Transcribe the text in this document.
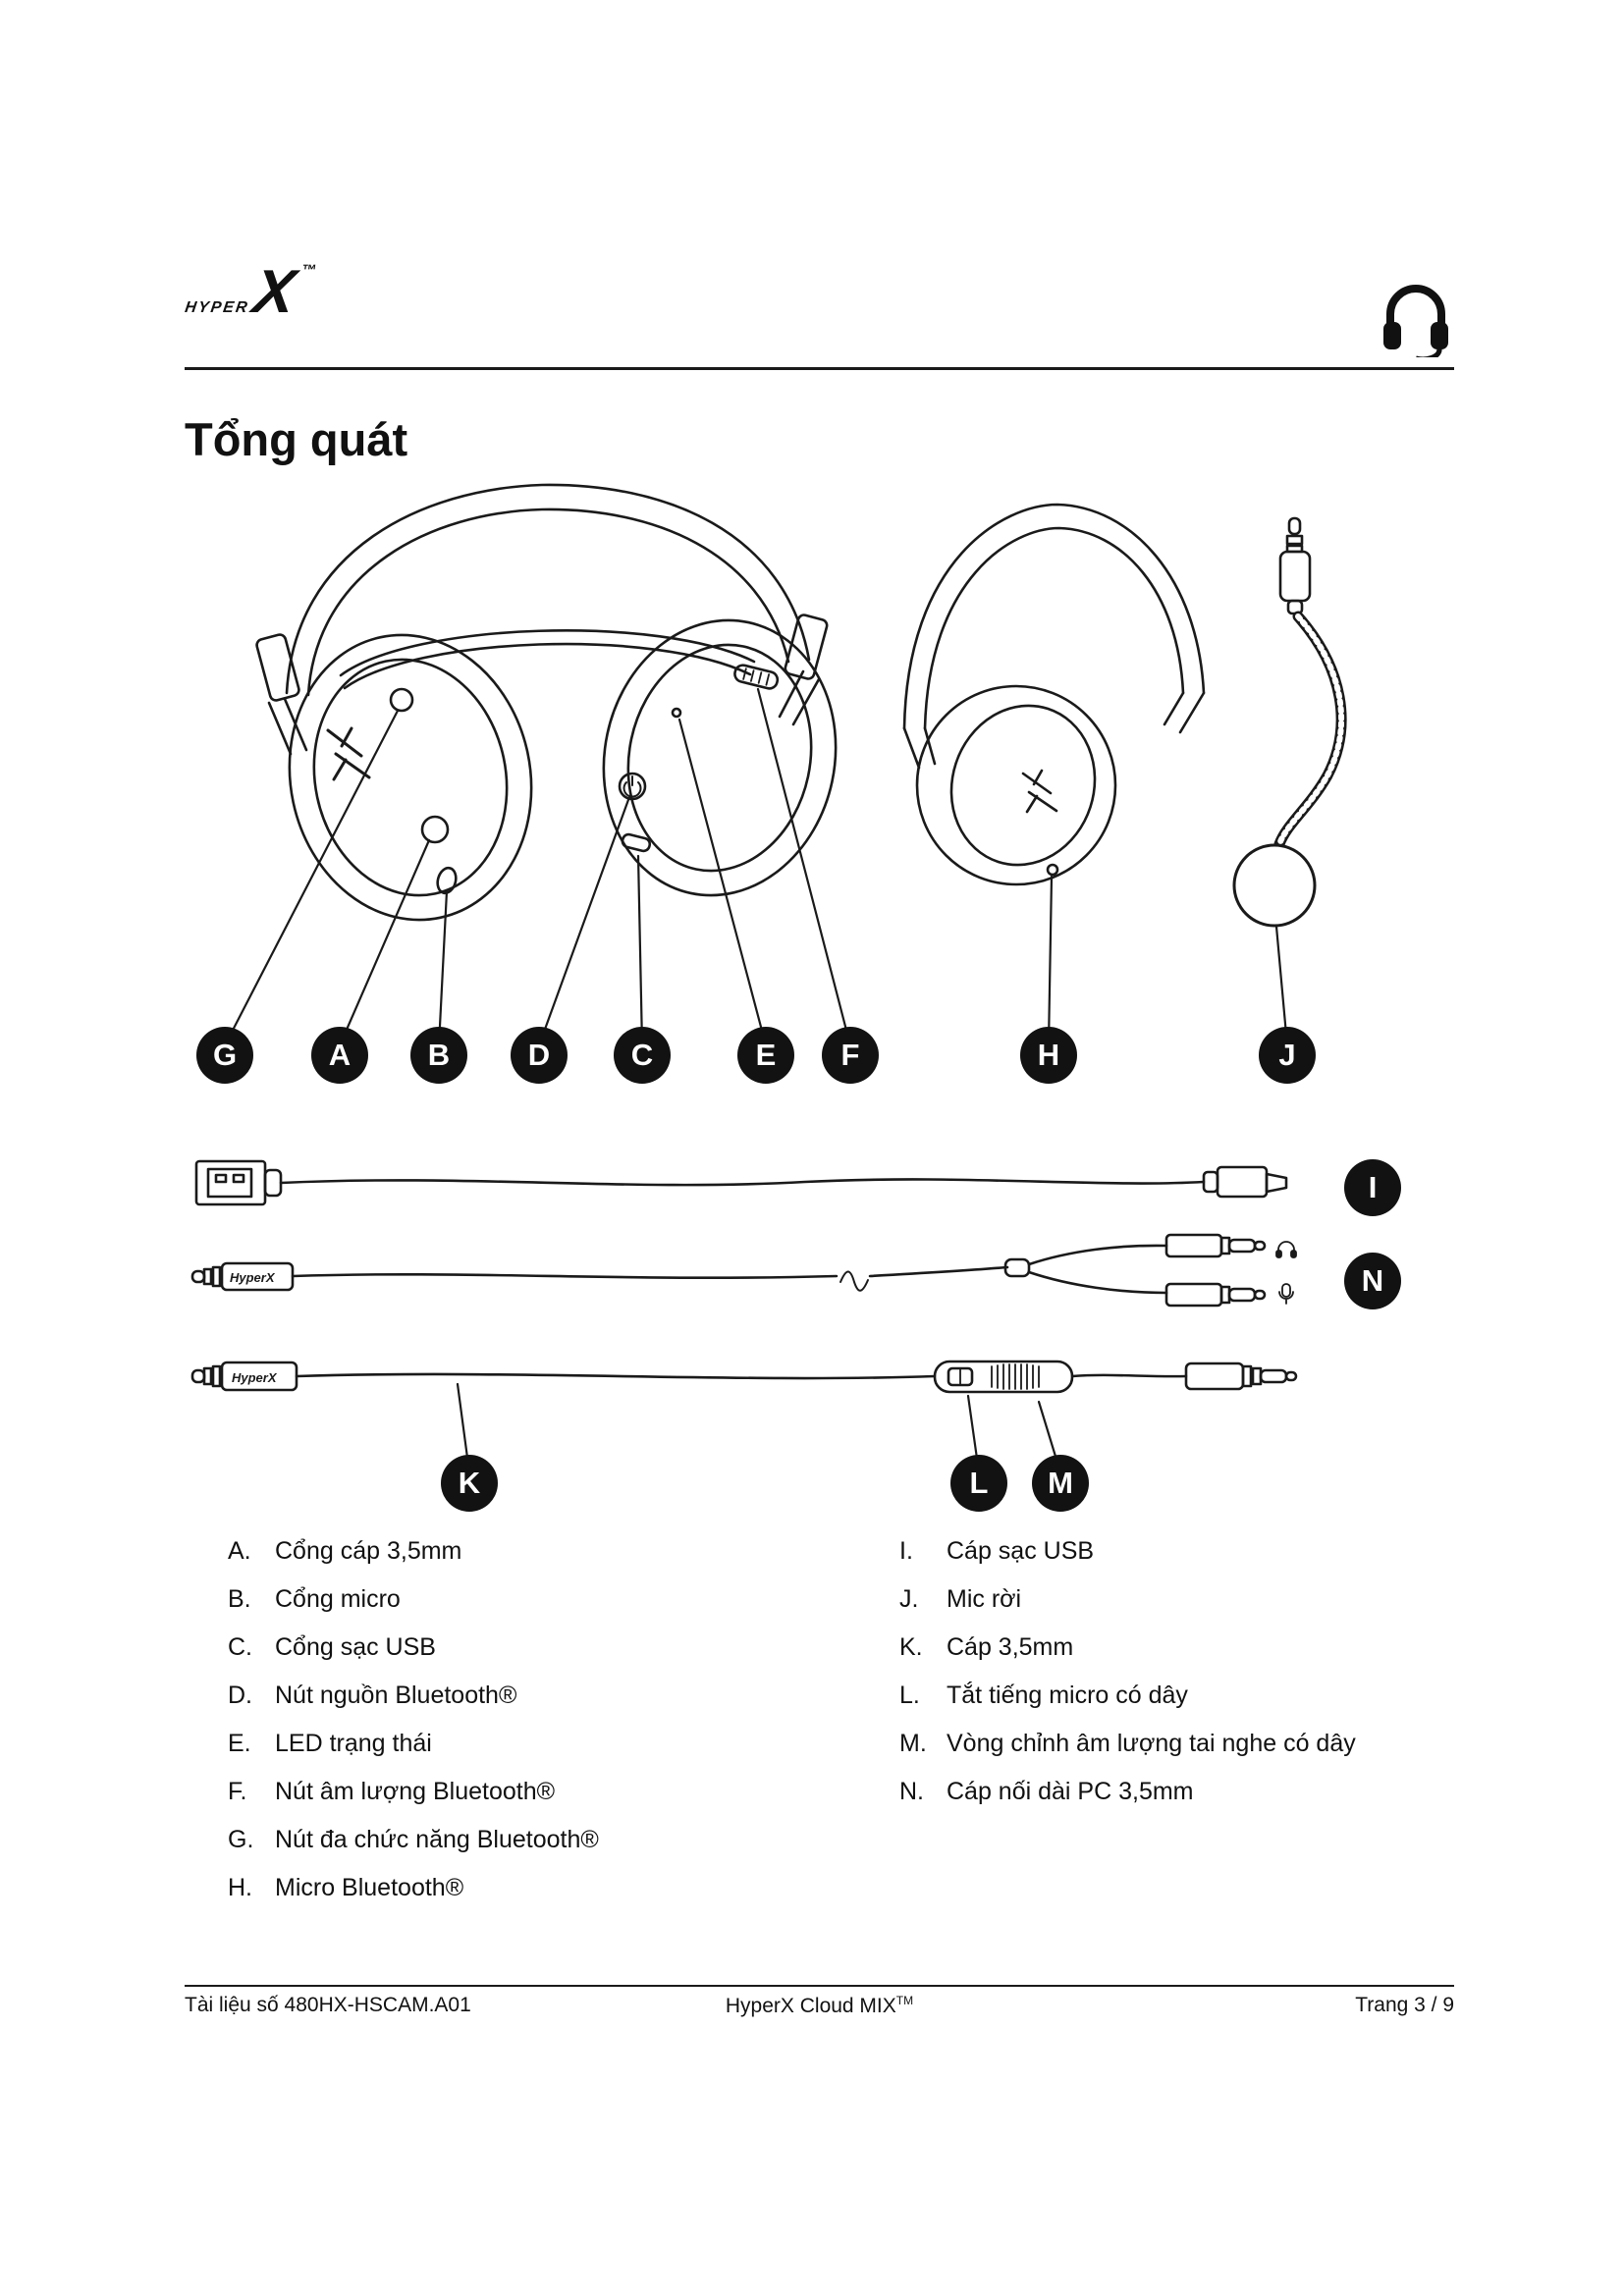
HYPERX™
Tổng quát
HyperX
HyperX
G	A	B	D	C	E	F	H	J
I
N
K	L	M
A. Cổng cáp 3,5mm
B. Cổng micro
C. Cổng sạc USB
D. Nút nguồn Bluetooth®
E. LED trạng thái
F.	Nút âm lượng Bluetooth®
G. Nút đa chức năng Bluetooth®
H. Micro Bluetooth®
I.	Cáp sạc USB
J.	Mic rời
K. Cáp 3,5mm
L.	Tắt tiếng micro có dây
M. Vòng chỉnh âm lượng tai nghe có dây
N. Cáp nối dài PC 3,5mm
Tài liệu số 480HX-HSCAM.A01	HyperX Cloud MIX™	Trang 3 / 9
